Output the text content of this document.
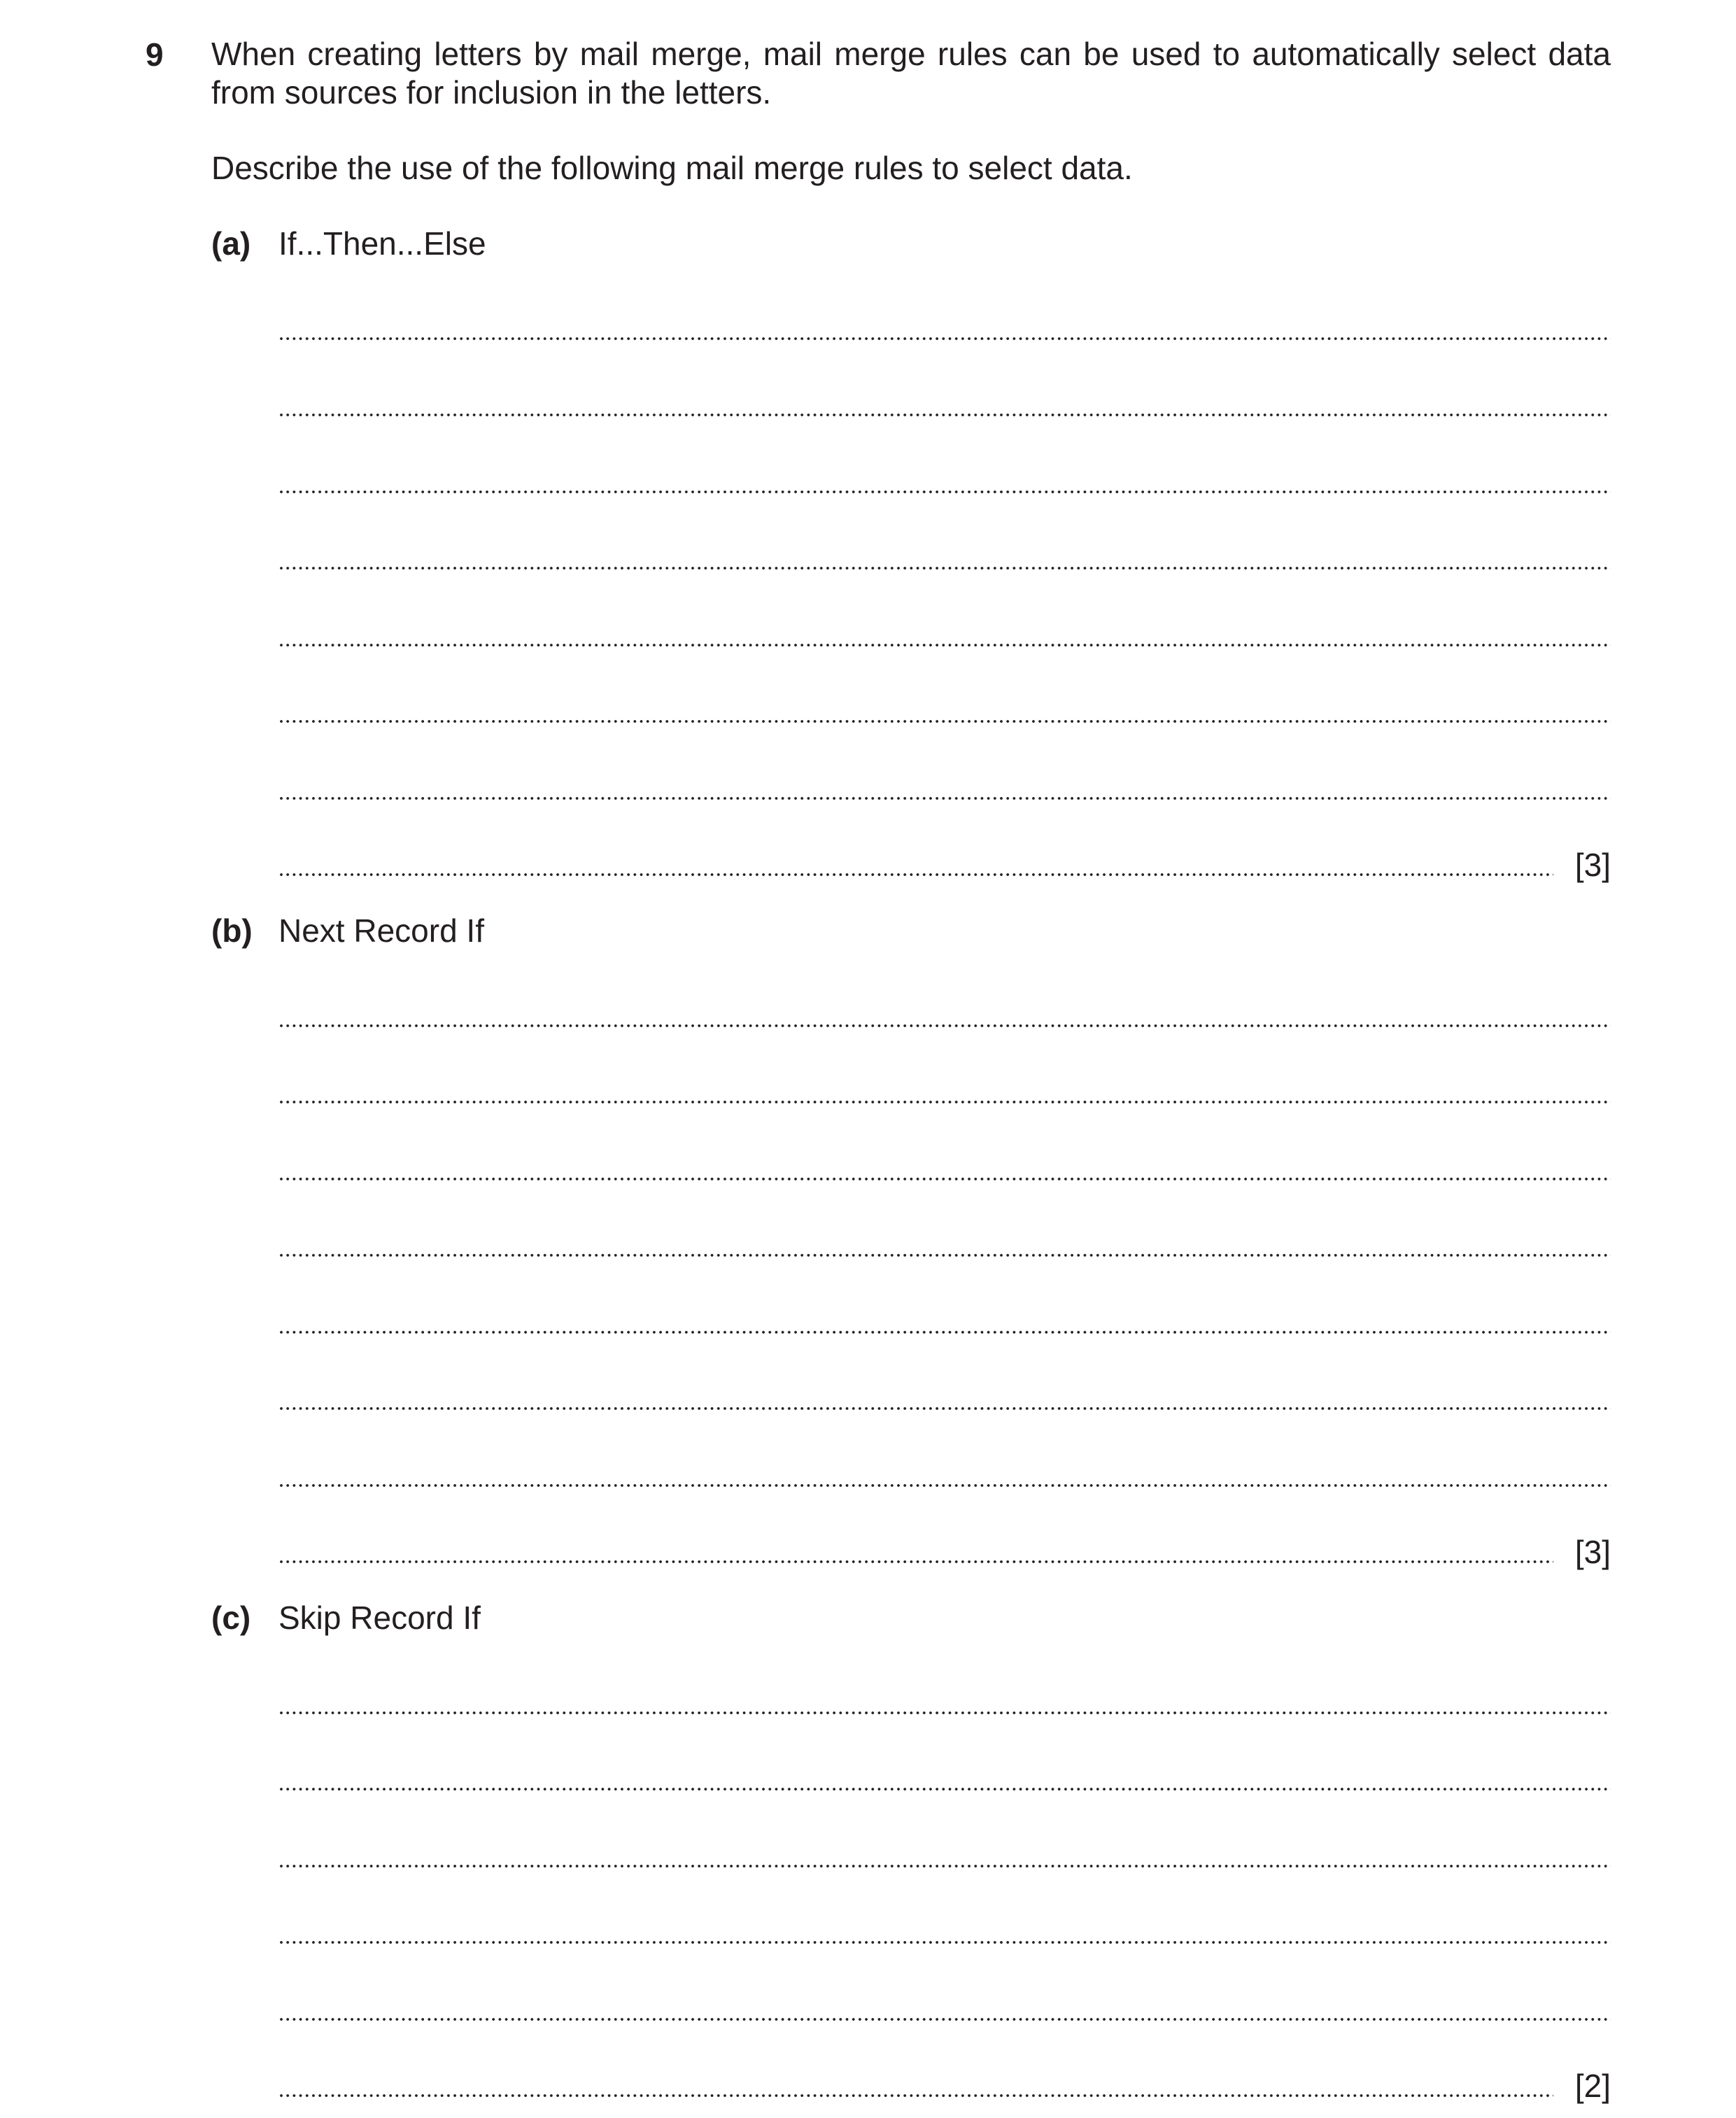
9 When creating letters by mail merge, mail merge rules can be used to automatically select data from sources for inclusion in the letters.
Describe the use of the following mail merge rules to select data.
(a) If...Then...Else
[3]
(b) Next Record If
[3]
(c) Skip Record If
[2]
